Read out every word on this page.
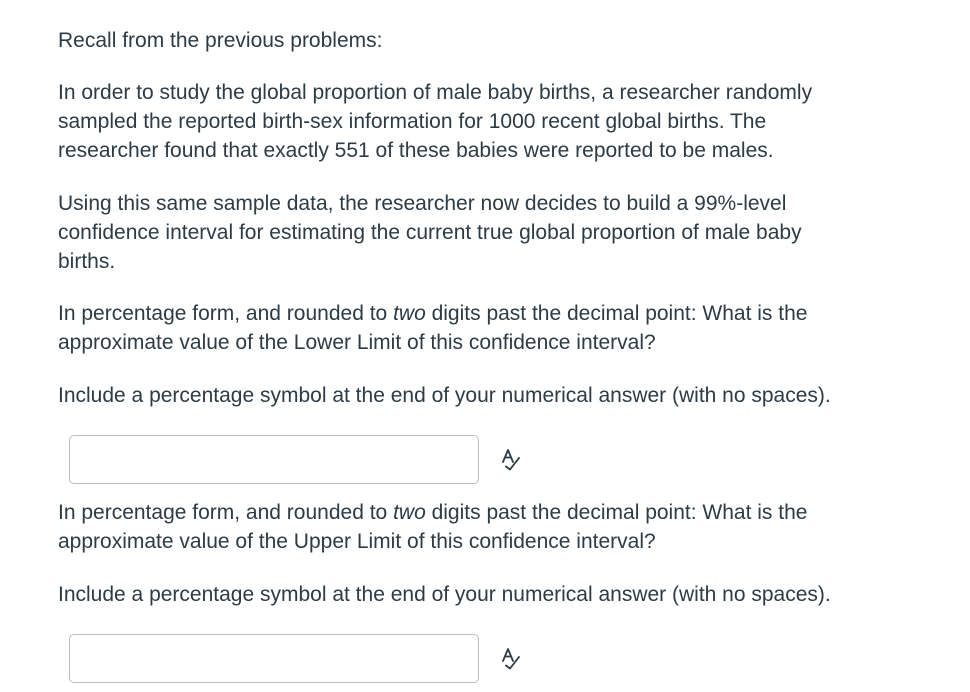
Recall from the previous problems:

In order to study the global proportion of male baby births, a researcher randomly

sampled the reported birth-sex information for 1000 recent global births. The

researcher found that exactly 551 of these babies were reported to be males.

Using this same sample data, the researcher now decides to build a 99%-level

confidence interval for estimating the current true global proportion of male baby

births.

In percentage form, and rounded to two digits past the decimal point: What is the

approximate value of the Lower Limit of this confidence interval?

Include a percentage symbol at the end of your numerical answer (with no spaces).

In percentage form, and rounded to two digits past the decimal point: What is the

approximate value of the Upper Limit of this confidence interval?

Include a percentage symbol at the end of your numerical answer (with no spaces).
